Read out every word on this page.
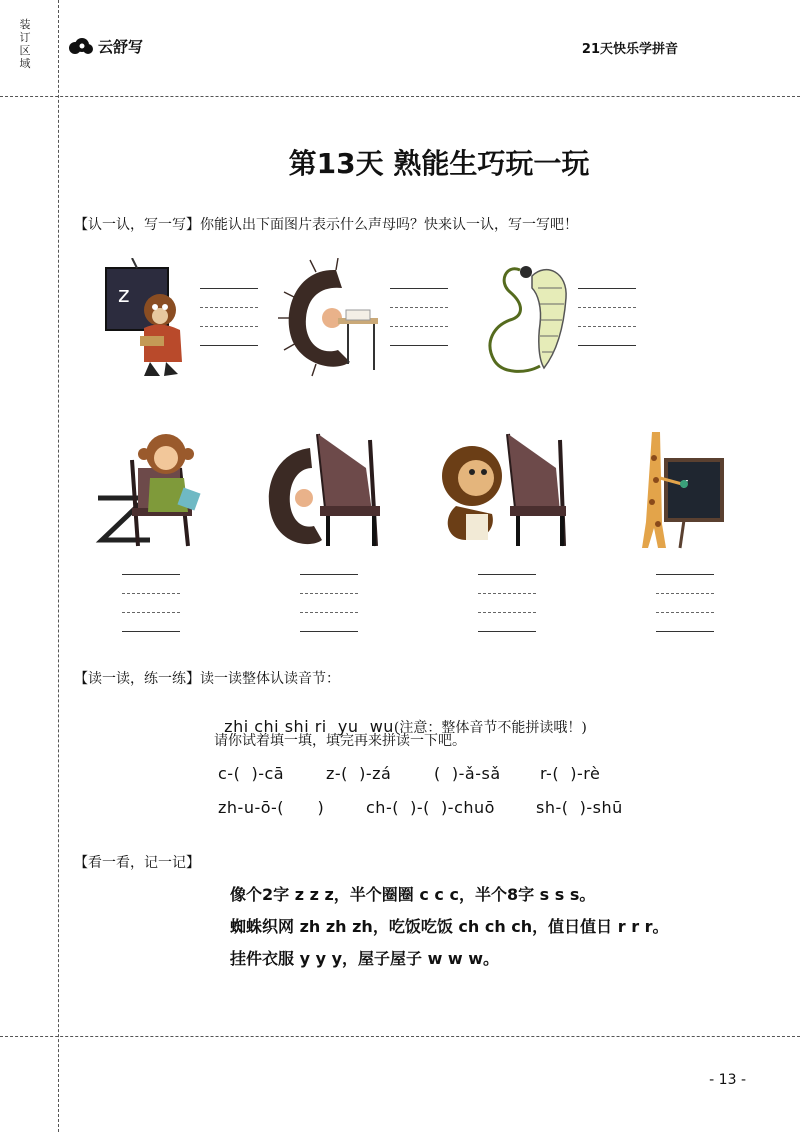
装
订
区
域
云舒写	21天快乐学拼音
第13天 熟能生巧玩一玩
【认一认，写一写】你能认出下面图片表示什么声母吗？快来认一认，写一写吧！
z
【读一读，练一练】读一读整体认读音节：

zhi chi shi ri  yu  wu(注意：整体音节不能拼读哦！)

请你试着填一填，填完再来拼读一下吧。
c-(  )-cā	z-(  )-zá	(  )-ǎ-sǎ r-(  )-rè
zh-u-ō-(      )	ch-(  )-(  )-chuō	sh-(  )-shū
【看一看，记一记】
像个2字 z z z，半个圈圈 c c c，半个8字 s s s。
蜘蛛织网 zh zh zh，吃饭吃饭 ch ch ch，值日值日 r r r。
挂件衣服 y y y，屋子屋子 w w w。
- 13 -
